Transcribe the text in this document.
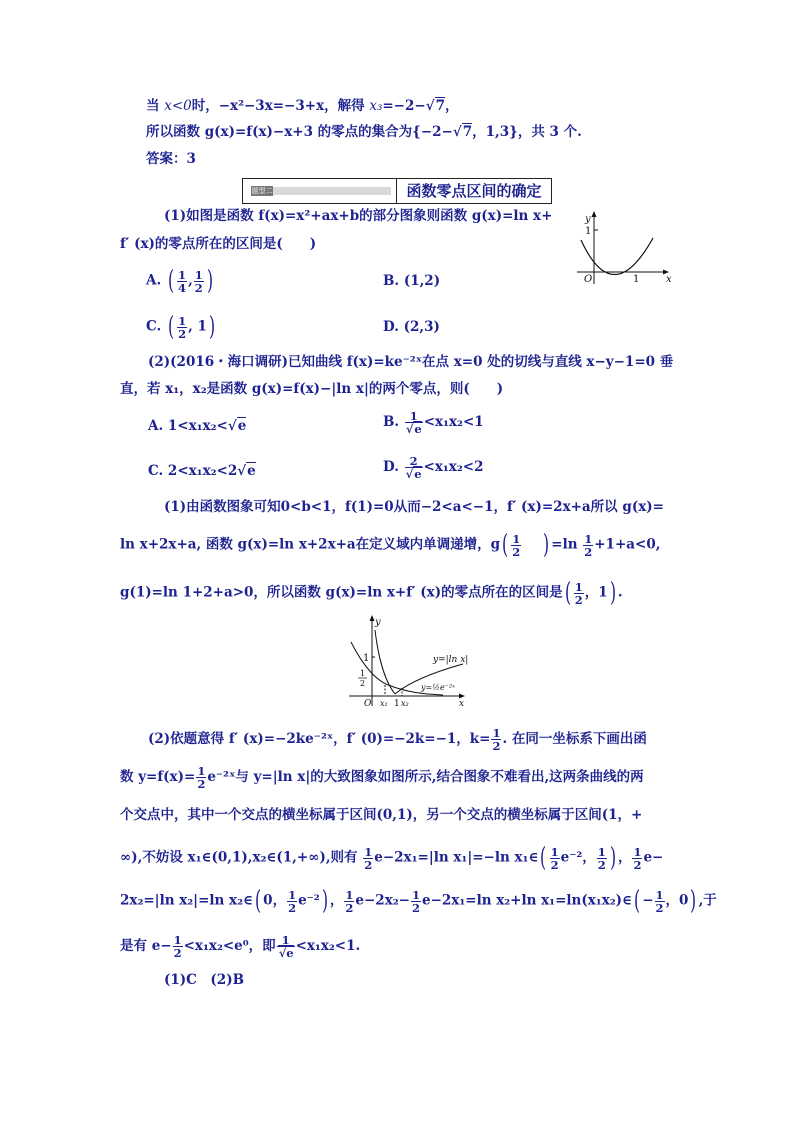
当 x<0时，−x²−3x=−3+x，解得 x₃=−2−√7，
所以函数 g(x)=f(x)−x+3 的零点的集合为{−2−√7，1,3}，共 3 个.
答案：3
题型二	函数零点区间的确定
(1)如图是函数 f(x)=x²+ax+b的部分图象则函数 g(x)=ln x+
f′ (x)的零点所在的区间是(　　)
A. ( $\frac{1}{4}$ , $\frac{1}{2}$ )	B. (1,2)
C. ( $\frac{1}{2}$ , 1)	D. (2,3)
y
1
O	1	x
(2)(2016・海口调研)已知曲线 f(x)=ke⁻²ˣ在点 x=0 处的切线与直线 x−y−1=0 垂
直，若 x₁，x₂是函数 g(x)=f(x)−|ln x|的两个零点，则(　　)
A. 1<x₁x₂<√e	B. $\frac{1}{√e} <x_1x_2<1$
C. 2<x₁x₂<2√e	D. $\frac{2}{√e} <x_1x_2<2$
(1)由函数图象可知0<b<1，f(1)=0从而−2<a<−1，f′ (x)=2x+a所以 g(x)=
ln x+2x+a, 函数 g(x)=ln x+2x+a在定义域内单调递增，$g( \frac{1}{2}$ ) $=\ln \frac{1}{2} +1+a<0$,
g(1)=ln 1+2+a>0，所以函数 g(x)=ln x+f′ (x)的零点所在的区间是( $\frac{1}{2}$ ，1) .
y
1
1
2
O x₁ 1 x₂	x
y=|ln x|
y=½e⁻²ˣ
(2)依题意得 f′ (x)=−2ke⁻²ˣ，f′ (0)=−2k=−1，$k= \frac{1}{2}$ . 在同一坐标系下画出函
数 $y=f(x)= \frac{1}{2}$ e⁻²ˣ与 y=|ln x|的大致图象如图所示,结合图象不难看出,这两条曲线的两
个交点中，其中一个交点的横坐标属于区间(0,1)，另一个交点的横坐标属于区间(1，+
∞),不妨设 x₁∈(0,1),x₂∈(1,+∞),则有 $\frac{1}{2} e-2x_1=|\ln$ x₁|=−ln x₁∈( $\frac{1}{2} e^{-2}$， $\frac{1}{2}$ ) ， $\frac{1}{2} e-$
2x₂=|ln x₂|=ln x₂∈( 0， $\frac{1}{2} e^{-2}$) ， $\frac{1}{2} e-2x_2- \frac{1}{2} e-2x_1=\ln$ x₂+ln x₁=ln(x₁x₂)∈( − $\frac{1}{2}$ ，0) ,于
是有 $e- \frac{1}{2} <x_1x_2<e^0$，即 $\frac{1}{√e} <x_1x_2<1$.
(1)C　(2)B
